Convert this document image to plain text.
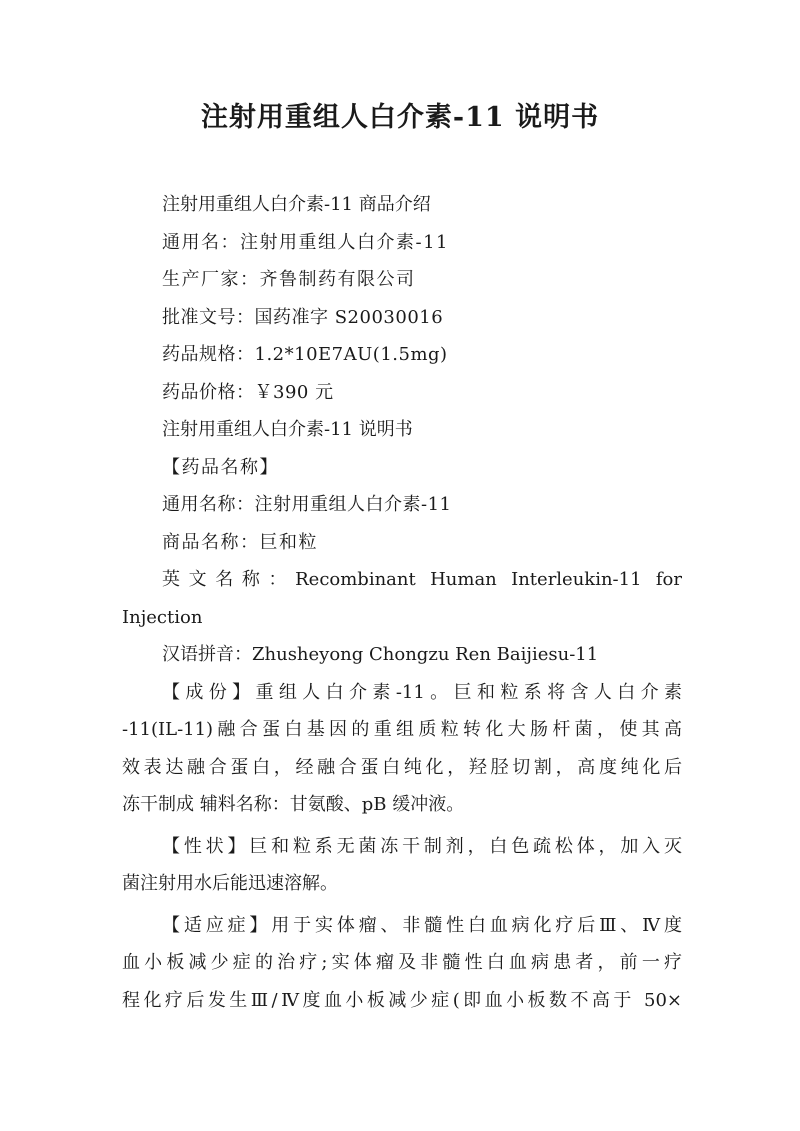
注射用重组人白介素-11 说明书

注射用重组人白介素-11 商品介绍

通用名：注射用重组人白介素-11

生产厂家：齐鲁制药有限公司

批准文号：国药准字 S20030016

药品规格：1.2*10E7AU(1.5mg)

药品价格：￥390 元

注射用重组人白介素-11 说明书

【药品名称】

通用名称：注射用重组人白介素-11

商品名称：巨和粒

英文名称：Recombinant Human Interleukin-11 for

Injection

汉语拼音：Zhusheyong Chongzu Ren Baijiesu-11

【成份】重组人白介素-11。巨和粒系将含人白介素

-11(IL-11)融合蛋白基因的重组质粒转化大肠杆菌，使其高

效表达融合蛋白，经融合蛋白纯化，羟胫切割，高度纯化后

冻干制成 辅料名称：甘氨酸、pB 缓冲液。

【性状】巨和粒系无菌冻干制剂，白色疏松体，加入灭

菌注射用水后能迅速溶解。

【适应症】用于实体瘤、非髓性白血病化疗后Ⅲ、Ⅳ度

血小板减少症的治疗;实体瘤及非髓性白血病患者，前一疗

程化疗后发生Ⅲ/Ⅳ度血小板减少症(即血小板数不高于 50×
